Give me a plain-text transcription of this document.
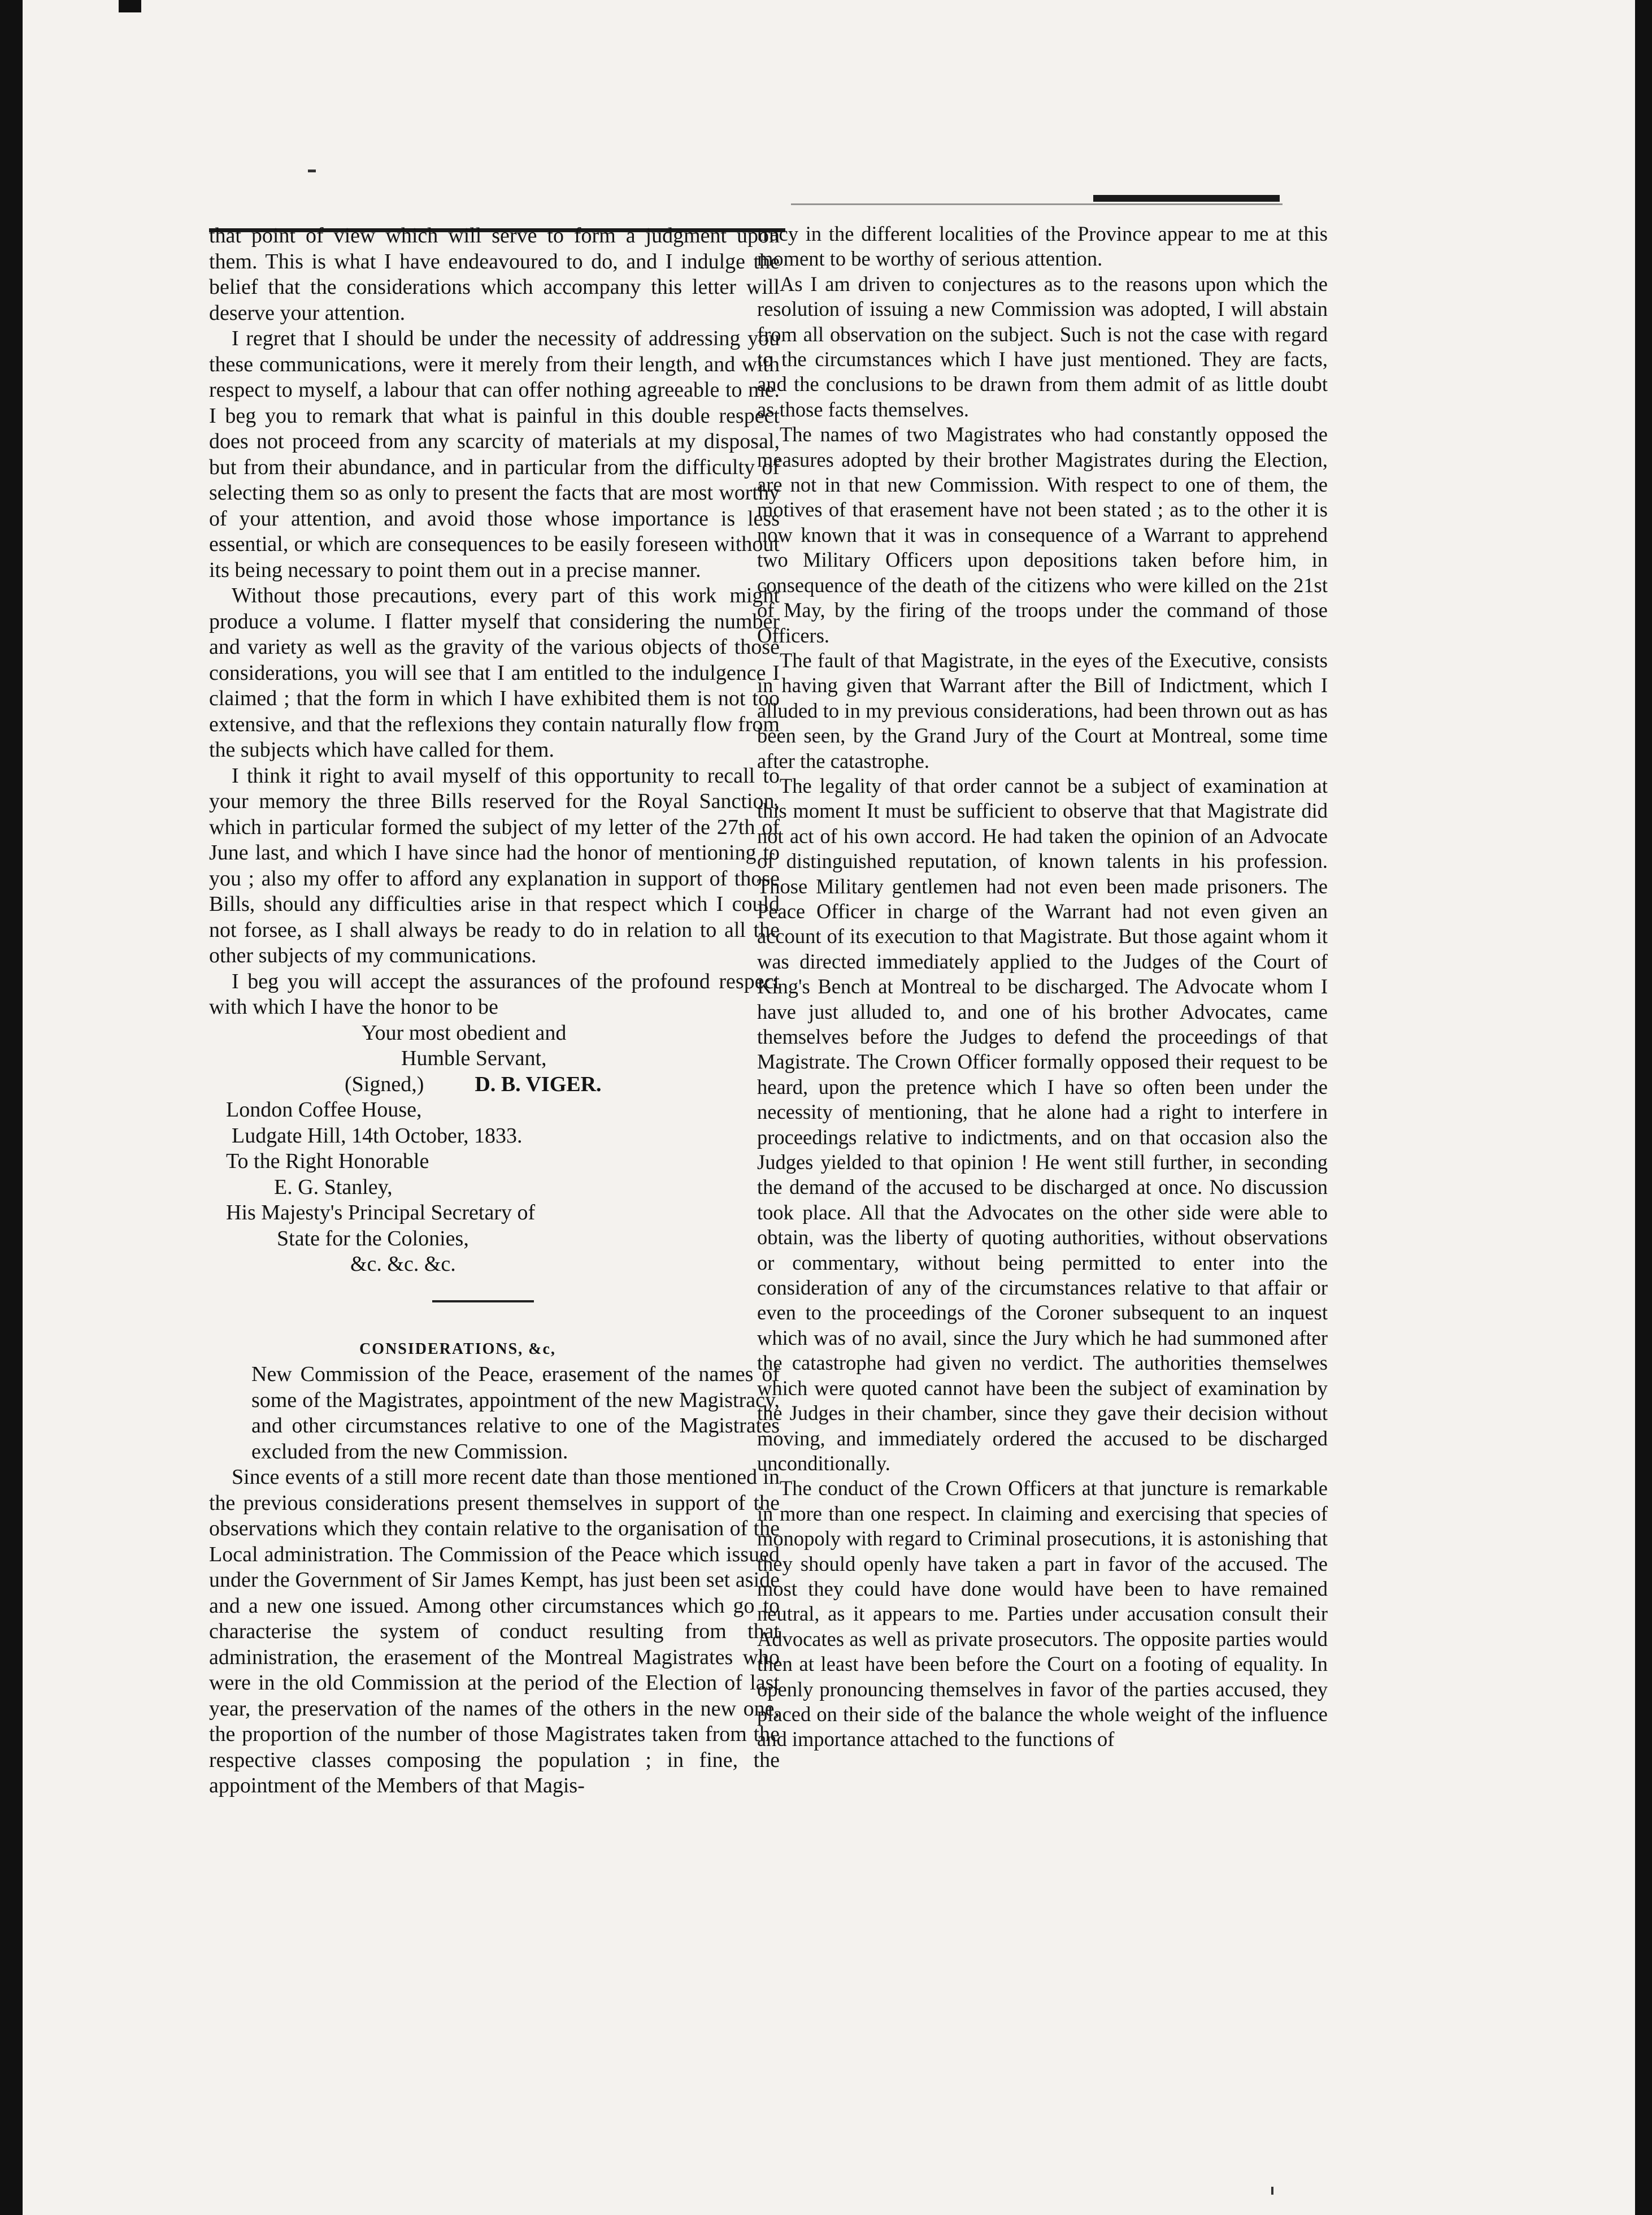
that point of view which will serve to form a judgment upon them. This is what I have endeavoured to do, and I indulge the belief that the considerations which accompany this letter will deserve your attention.

I regret that I should be under the necessity of addressing you these communications, were it merely from their length, and with respect to myself, a labour that can offer nothing agreeable to me. I beg you to remark that what is painful in this double respect does not proceed from any scarcity of materials at my disposal, but from their abundance, and in particular from the difficulty of selecting them so as only to present the facts that are most worthy of your attention, and avoid those whose importance is less essential, or which are consequences to be easily foreseen without its being necessary to point them out in a precise manner.

Without those precautions, every part of this work might produce a volume. I flatter myself that considering the number and variety as well as the gravity of the various objects of those considerations, you will see that I am entitled to the indulgence I claimed ; that the form in which I have exhibited them is not too extensive, and that the reflexions they contain naturally flow from the subjects which have called for them.

I think it right to avail myself of this opportunity to recall to your memory the three Bills reserved for the Royal Sanction, which in particular formed the subject of my letter of the 27th of June last, and which I have since had the honor of mentioning to you ; also my offer to afford any explanation in support of those Bills, should any difficulties arise in that respect which I could not forsee, as I shall always be ready to do in relation to all the other subjects of my communications.

I beg you will accept the assurances of the profound respect with which I have the honor to be

Your most obedient and

Humble Servant,

(Signed,) D. B. VIGER.

London Coffee House,

Ludgate Hill, 14th October, 1833.

To the Right Honorable

E. G. Stanley,

His Majesty's Principal Secretary of

State for the Colonies,

&c. &c. &c.

CONSIDERATIONS, &c,

New Commission of the Peace, erasement of the names of some of the Magistrates, appointment of the new Magistracy, and other circumstances relative to one of the Magistrates excluded from the new Commission.

Since events of a still more recent date than those mentioned in the previous considerations present themselves in support of the observations which they contain relative to the organisation of the Local administration. The Commission of the Peace which issued under the Government of Sir James Kempt, has just been set aside and a new one issued. Among other circumstances which go to characterise the system of conduct resulting from that administration, the erasement of the Montreal Magistrates who were in the old Commission at the period of the Election of last year, the preservation of the names of the others in the new one, the proportion of the number of those Magistrates taken from the respective classes composing the population ; in fine, the appointment of the Members of that Magis-

tracy in the different localities of the Province appear to me at this moment to be worthy of serious attention.

As I am driven to conjectures as to the reasons upon which the resolution of issuing a new Commission was adopted, I will abstain from all observation on the subject. Such is not the case with regard to the circumstances which I have just mentioned. They are facts, and the conclusions to be drawn from them admit of as little doubt as those facts themselves.

The names of two Magistrates who had constantly opposed the measures adopted by their brother Magistrates during the Election, are not in that new Commission. With respect to one of them, the motives of that erasement have not been stated ; as to the other it is now known that it was in consequence of a Warrant to apprehend two Military Officers upon depositions taken before him, in consequence of the death of the citizens who were killed on the 21st of May, by the firing of the troops under the command of those Officers.

The fault of that Magistrate, in the eyes of the Executive, consists in having given that Warrant after the Bill of Indictment, which I alluded to in my previous considerations, had been thrown out as has been seen, by the Grand Jury of the Court at Montreal, some time after the catastrophe.

The legality of that order cannot be a subject of examination at this moment It must be sufficient to observe that that Magistrate did not act of his own accord. He had taken the opinion of an Advocate of distinguished reputation, of known talents in his profession. Those Military gentlemen had not even been made prisoners. The Peace Officer in charge of the Warrant had not even given an account of its execution to that Magistrate. But those againt whom it was directed immediately applied to the Judges of the Court of King's Bench at Montreal to be discharged. The Advocate whom I have just alluded to, and one of his brother Advocates, came themselves before the Judges to defend the proceedings of that Magistrate. The Crown Officer formally opposed their request to be heard, upon the pretence which I have so often been under the necessity of mentioning, that he alone had a right to interfere in proceedings relative to indictments, and on that occasion also the Judges yielded to that opinion ! He went still further, in seconding the demand of the accused to be discharged at once. No discussion took place. All that the Advocates on the other side were able to obtain, was the liberty of quoting authorities, without observations or commentary, without being permitted to enter into the consideration of any of the circumstances relative to that affair or even to the proceedings of the Coroner subsequent to an inquest which was of no avail, since the Jury which he had summoned after the catastrophe had given no verdict. The authorities themselwes which were quoted cannot have been the subject of examination by the Judges in their chamber, since they gave their decision without moving, and immediately ordered the accused to be discharged unconditionally.

The conduct of the Crown Officers at that juncture is remarkable in more than one respect. In claiming and exercising that species of monopoly with regard to Criminal prosecutions, it is astonishing that they should openly have taken a part in favor of the accused. The most they could have done would have been to have remained neutral, as it appears to me. Parties under accusation consult their Advocates as well as private prosecutors. The opposite parties would then at least have been before the Court on a footing of equality. In openly pronouncing themselves in favor of the parties accused, they placed on their side of the balance the whole weight of the influence and importance attached to the functions of
